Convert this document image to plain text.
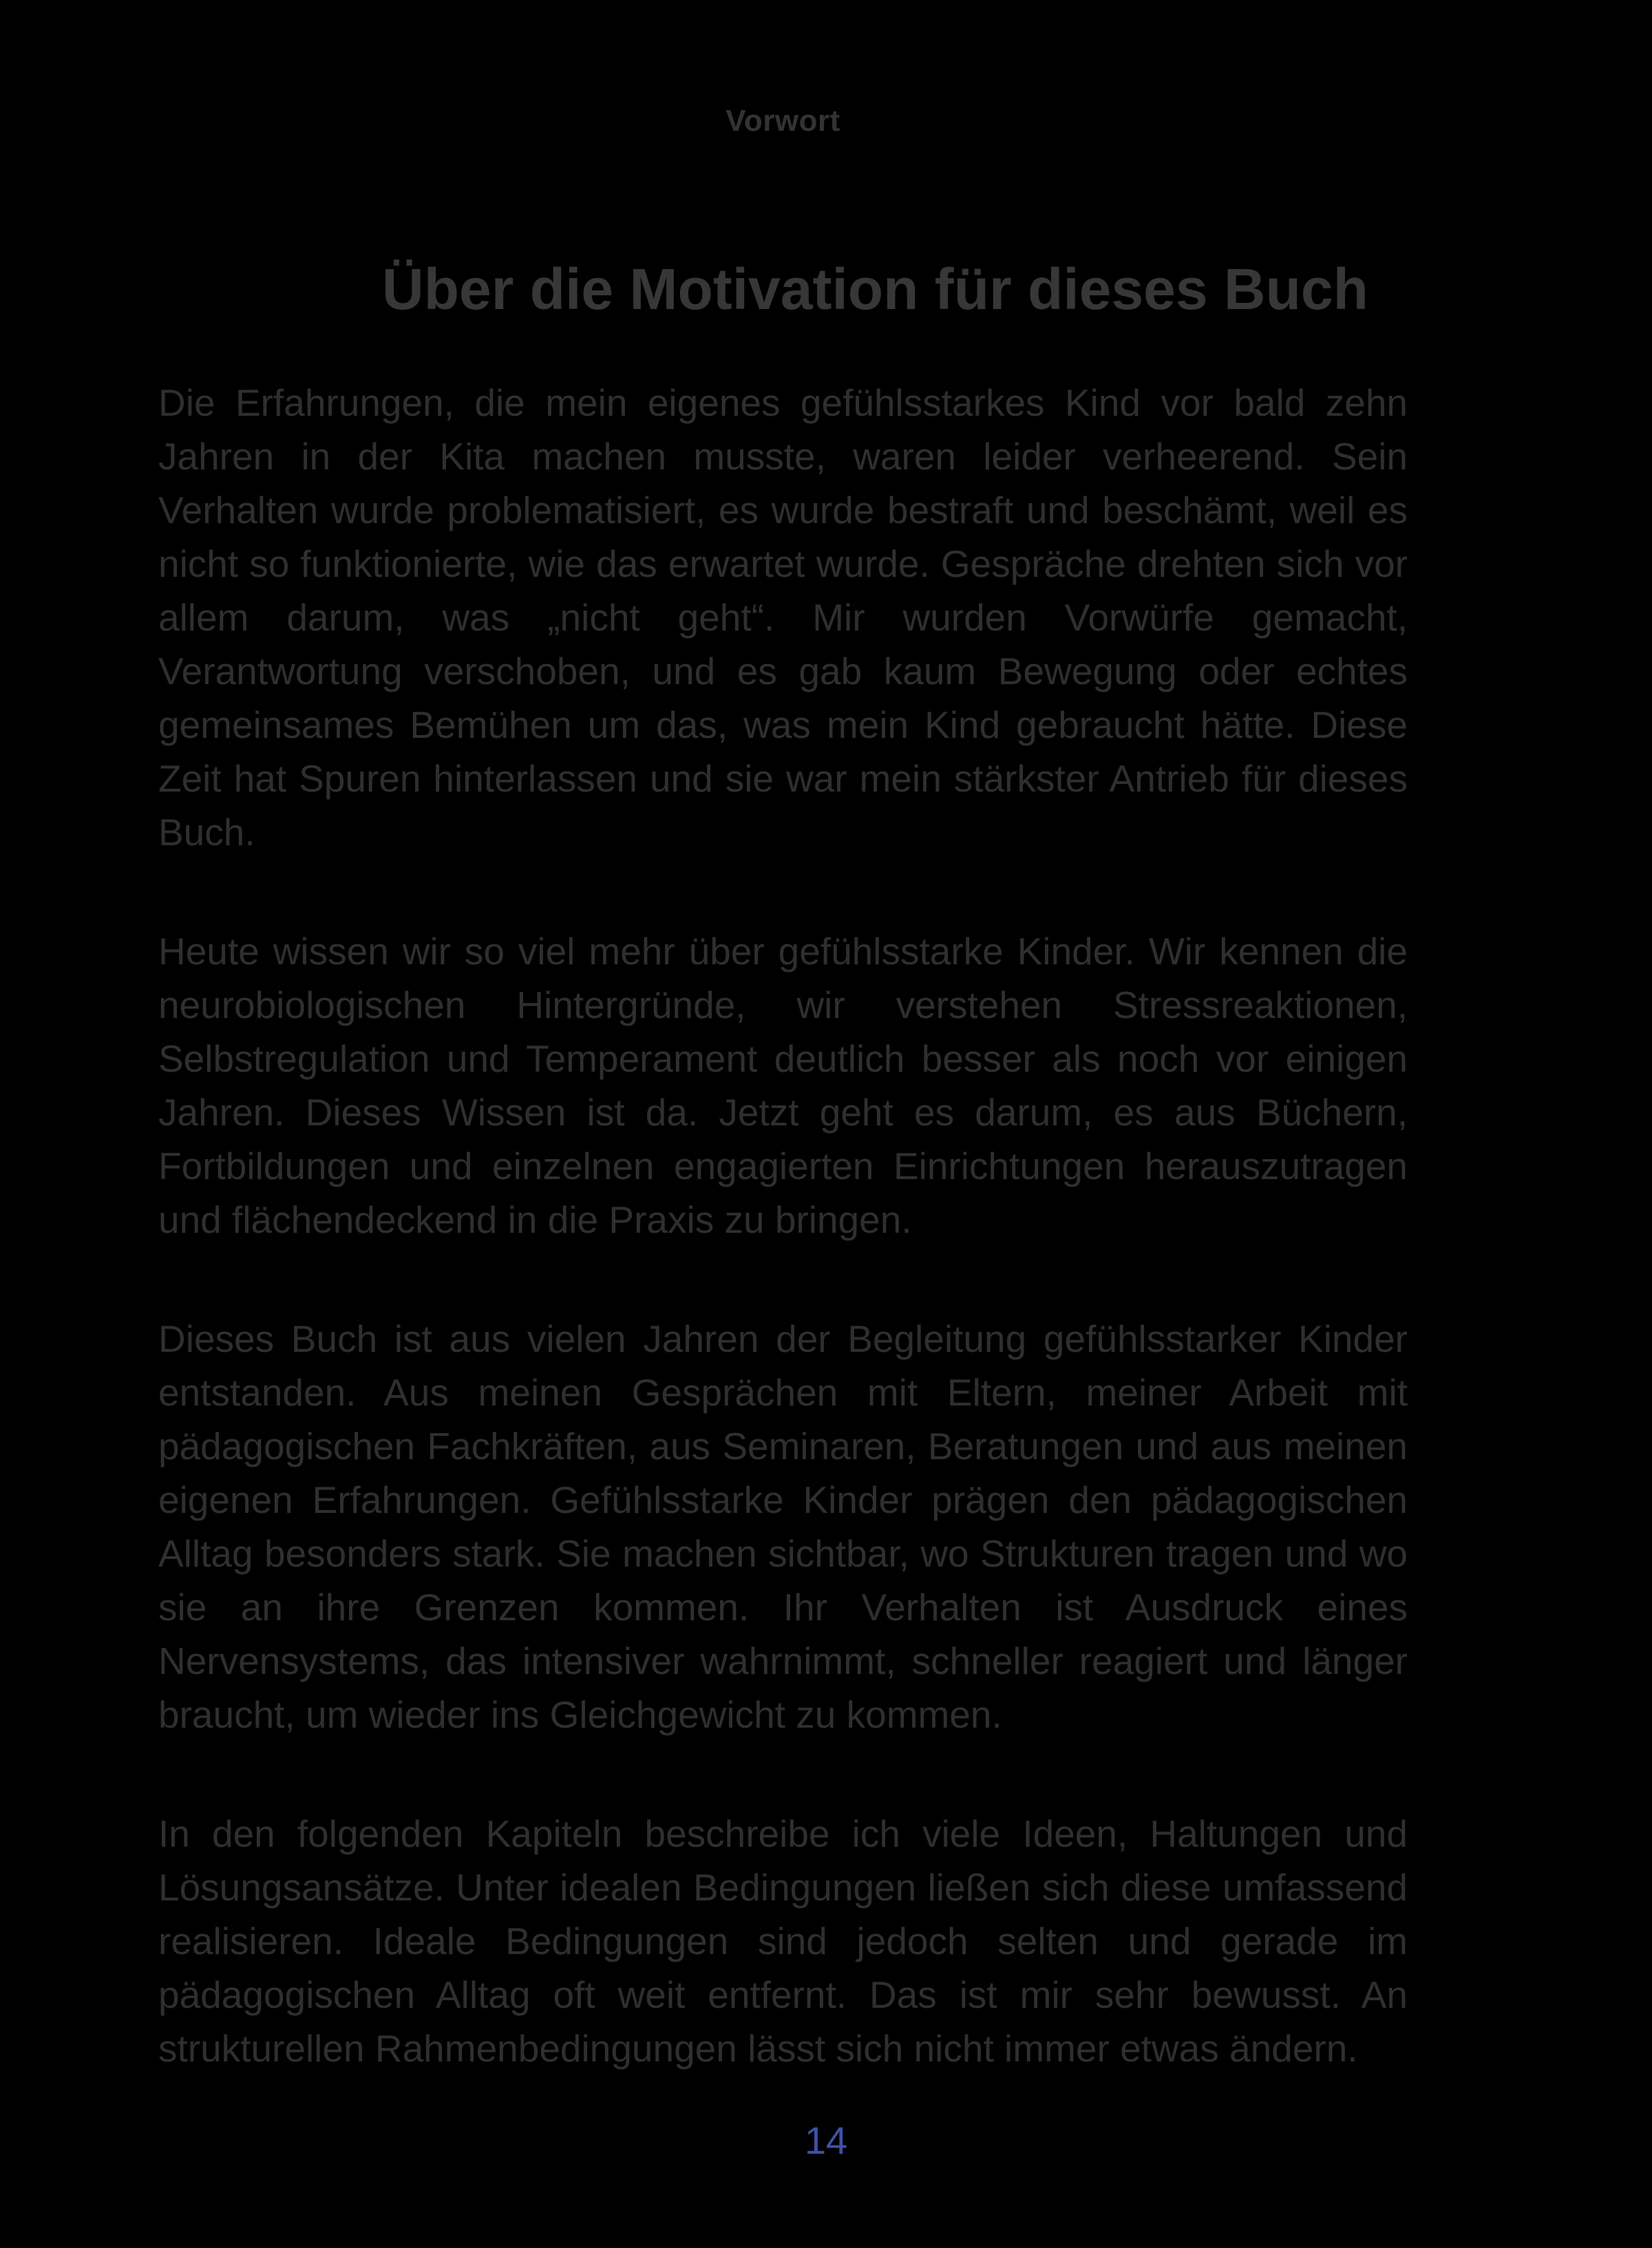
Vorwort
Über die Motivation für dieses Buch

Die Erfahrungen, die mein eigenes gefühlsstarkes Kind vor bald zehn Jahren in der Kita machen musste, waren leider verheerend. Sein Verhalten wurde problematisiert, es wurde bestraft und beschämt, weil es nicht so funktionierte, wie das erwartet wurde. Gespräche drehten sich vor allem darum, was „nicht geht“. Mir wurden Vorwürfe gemacht, Verantwortung verschoben, und es gab kaum Bewegung oder echtes gemeinsames Bemühen um das, was mein Kind gebraucht hätte. Diese Zeit hat Spuren hinterlassen und sie war mein stärkster Antrieb für dieses Buch.

Heute wissen wir so viel mehr über gefühlsstarke Kinder. Wir kennen die neurobiologischen Hintergründe, wir verstehen Stressreaktionen, Selbstregulation und Temperament deutlich besser als noch vor einigen Jahren. Dieses Wissen ist da. Jetzt geht es darum, es aus Büchern, Fortbildungen und einzelnen engagierten Einrichtungen herauszutragen und flächendeckend in die Praxis zu bringen.

Dieses Buch ist aus vielen Jahren der Begleitung gefühlsstarker Kinder entstanden. Aus meinen Gesprächen mit Eltern, meiner Arbeit mit pädagogischen Fachkräften, aus Seminaren, Beratungen und aus meinen eigenen Erfahrungen. Gefühlsstarke Kinder prägen den pädagogischen Alltag besonders stark. Sie machen sichtbar, wo Strukturen tragen und wo sie an ihre Grenzen kommen. Ihr Verhalten ist Ausdruck eines Nervensystems, das intensiver wahrnimmt, schneller reagiert und länger braucht, um wieder ins Gleichgewicht zu kommen.

In den folgenden Kapiteln beschreibe ich viele Ideen, Haltungen und Lösungsansätze. Unter idealen Bedingungen ließen sich diese umfassend realisieren. Ideale Bedingungen sind jedoch selten und gerade im pädagogischen Alltag oft weit entfernt. Das ist mir sehr bewusst. An strukturellen Rahmenbedingungen lässt sich nicht immer etwas ändern.

14
